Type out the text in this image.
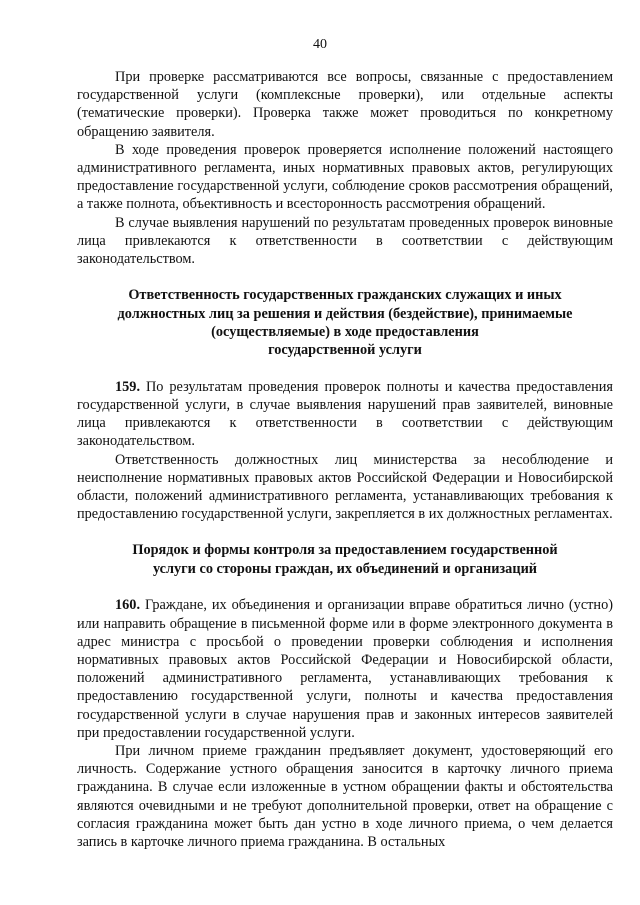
40

При проверке рассматриваются все вопросы, связанные с предоставлением государственной услуги (комплексные проверки), или отдельные аспекты (тематические проверки). Проверка также может проводиться по конкретному обращению заявителя.

В ходе проведения проверок проверяется исполнение положений настоящего административного регламента, иных нормативных правовых актов, регулирующих предоставление государственной услуги, соблюдение сроков рассмотрения обращений, а также полнота, объективность и всесторонность рассмотрения обращений.

В случае выявления нарушений по результатам проведенных проверок виновные лица привлекаются к ответственности в соответствии с действующим законодательством.

Ответственность государственных гражданских служащих и иных
должностных лиц за решения и действия (бездействие), принимаемые
(осуществляемые) в ходе предоставления
государственной услуги

159. По результатам проведения проверок полноты и качества предоставления государственной услуги, в случае выявления нарушений прав заявителей, виновные лица привлекаются к ответственности в соответствии с действующим законодательством.

Ответственность должностных лиц министерства за несоблюдение и неисполнение нормативных правовых актов Российской Федерации и Новосибирской области, положений административного регламента, устанавливающих требования к предоставлению государственной услуги, закрепляется в их должностных регламентах.

Порядок и формы контроля за предоставлением государственной
услуги со стороны граждан, их объединений и организаций

160. Граждане, их объединения и организации вправе обратиться лично (устно) или направить обращение в письменной форме или в форме электронного документа в адрес министра с просьбой о проведении проверки соблюдения и исполнения нормативных правовых актов Российской Федерации и Новосибирской области, положений административного регламента, устанавливающих требования к предоставлению государственной услуги, полноты и качества предоставления государственной услуги в случае нарушения прав и законных интересов заявителей при предоставлении государственной услуги.

При личном приеме гражданин предъявляет документ, удостоверяющий его личность. Содержание устного обращения заносится в карточку личного приема гражданина. В случае если изложенные в устном обращении факты и обстоятельства являются очевидными и не требуют дополнительной проверки, ответ на обращение с согласия гражданина может быть дан устно в ходе личного приема, о чем делается запись в карточке личного приема гражданина. В остальных
